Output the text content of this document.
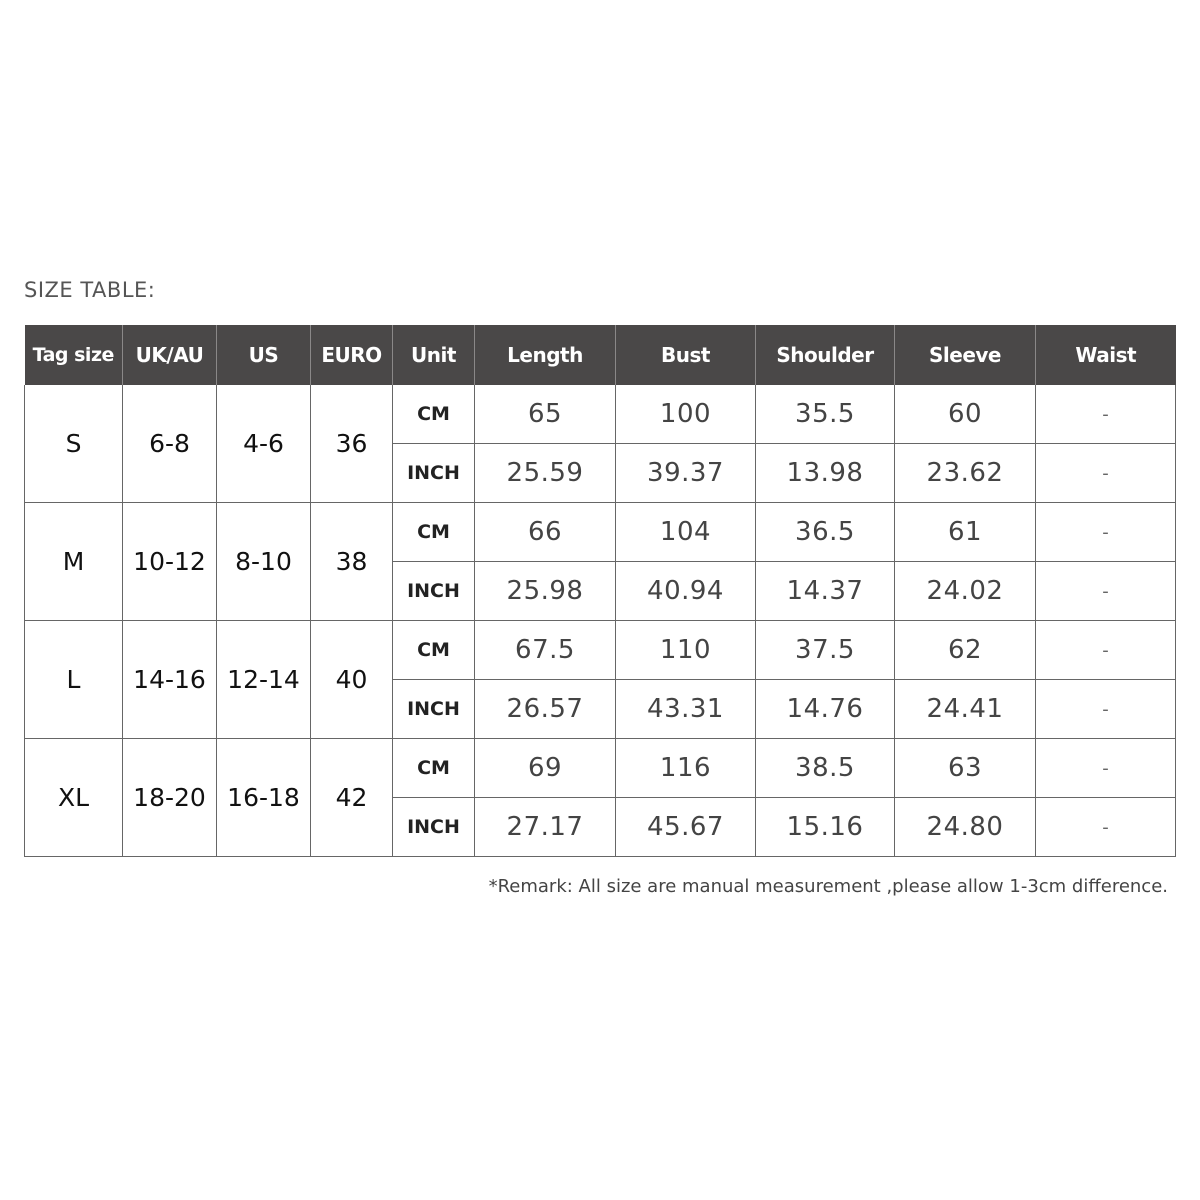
SIZE TABLE:
Tag size	UK/AU	US	EURO	Unit	Length	Bust	Shoulder	Sleeve	Waist
S	6-8	4-6	36	CM	65	100	35.5	60	-
				INCH	25.59	39.37	13.98	23.62	-
M	10-12	8-10	38	CM	66	104	36.5	61	-
				INCH	25.98	40.94	14.37	24.02	-
L	14-16	12-14	40	CM	67.5	110	37.5	62	-
				INCH	26.57	43.31	14.76	24.41	-
XL	18-20	16-18	42	CM	69	116	38.5	63	-
				INCH	27.17	45.67	15.16	24.80	-
*Remark: All size are manual measurement ,please allow 1-3cm difference.
